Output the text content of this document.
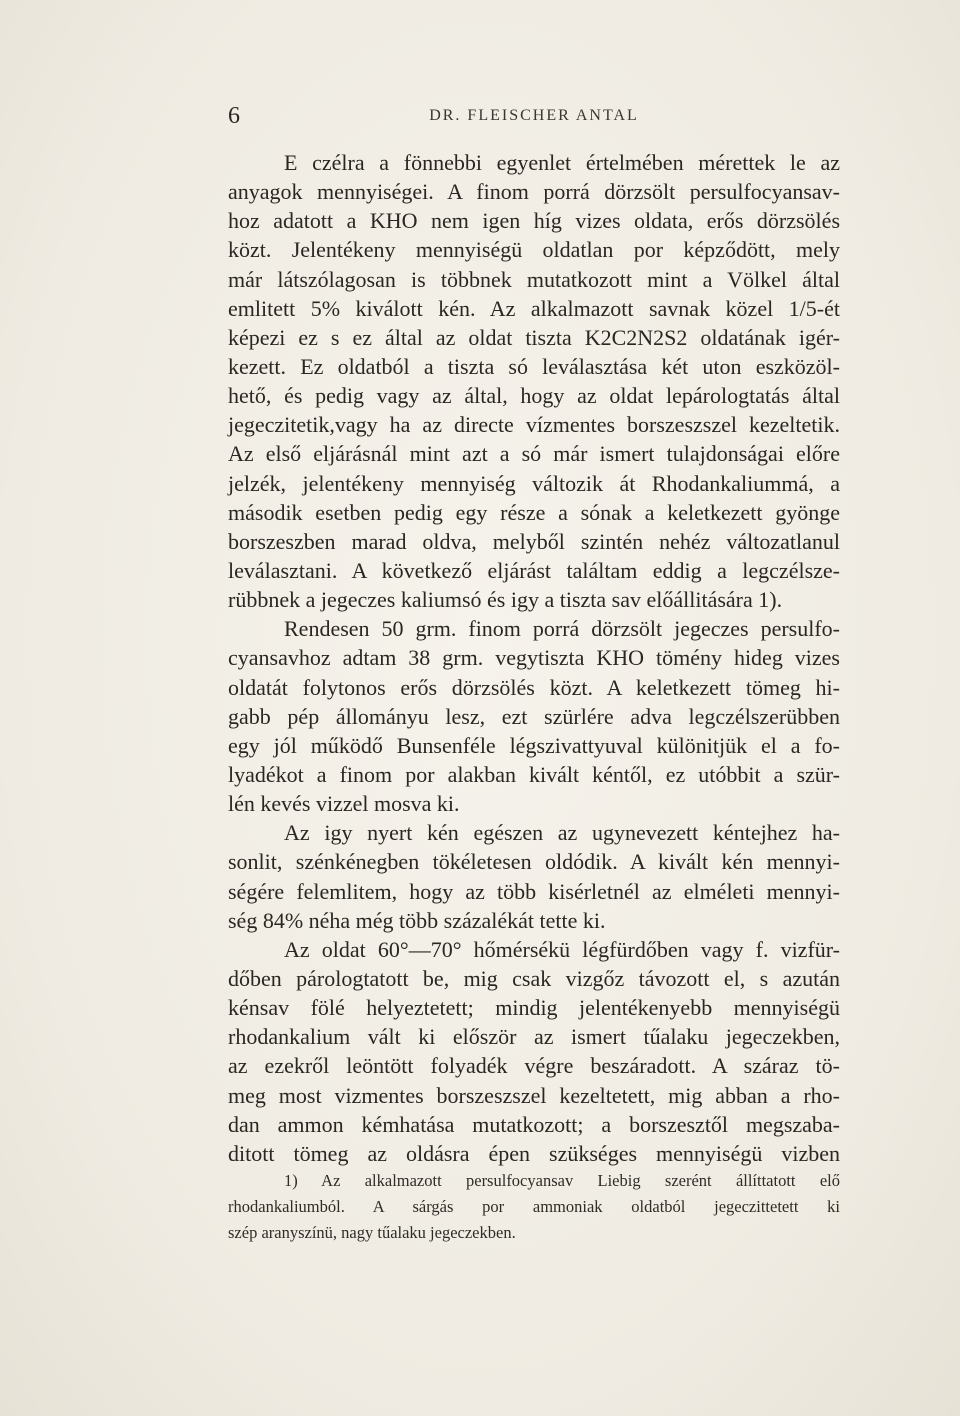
6	DR. FLEISCHER ANTAL
E czélra a fönnebbi egyenlet értelmében mérettek le az
anyagok mennyiségei. A finom porrá dörzsölt persulfocyansav-
hoz adatott a KHO nem igen híg vizes oldata, erős dörzsölés
közt. Jelentékeny mennyiségü oldatlan por képződött, mely
már látszólagosan is többnek mutatkozott mint a Völkel által
emlitett 5% kiválott kén. Az alkalmazott savnak közel 1/5-ét
képezi ez s ez által az oldat tiszta K2C2N2S2 oldatának igér-
kezett. Ez oldatból a tiszta só leválasztása két uton eszközöl-
hető, és pedig vagy az által, hogy az oldat lepárologtatás által
jegeczitetik,vagy ha az directe vízmentes borszeszszel kezeltetik.
Az első eljárásnál mint azt a só már ismert tulajdonságai előre
jelzék, jelentékeny mennyiség változik át Rhodankaliummá, a
második esetben pedig egy része a sónak a keletkezett gyönge
borszeszben marad oldva, melyből szintén nehéz változatlanul
leválasztani. A következő eljárást találtam eddig a legczélsze-
rübbnek a jegeczes kaliumsó és igy a tiszta sav előállitására 1).
Rendesen 50 grm. finom porrá dörzsölt jegeczes persulfo-
cyansavhoz adtam 38 grm. vegytiszta KHO tömény hideg vizes
oldatát folytonos erős dörzsölés közt. A keletkezett tömeg hi-
gabb pép állományu lesz, ezt szürlére adva legczélszerübben
egy jól működő Bunsenféle légszivattyuval különitjük el a fo-
lyadékot a finom por alakban kivált kéntől, ez utóbbit a szür-
lén kevés vizzel mosva ki.
Az igy nyert kén egészen az ugynevezett kéntejhez ha-
sonlit, szénkénegben tökéletesen oldódik. A kivált kén mennyi-
ségére felemlitem, hogy az több kisérletnél az elméleti mennyi-
ség 84% néha még több százalékát tette ki.
Az oldat 60°—70° hőmérsékü légfürdőben vagy f. vizfür-
dőben párologtatott be, mig csak vizgőz távozott el, s azután
kénsav fölé helyeztetett; mindig jelentékenyebb mennyiségü
rhodankalium vált ki először az ismert tűalaku jegeczekben,
az ezekről leöntött folyadék végre beszáradott. A száraz tö-
meg most vizmentes borszeszszel kezeltetett, mig abban a rho-
dan ammon kémhatása mutatkozott; a borszesztől megszaba-
ditott tömeg az oldásra épen szükséges mennyiségü vizben
1) Az alkalmazott persulfocyansav Liebig szerént állíttatott elő
rhodankaliumból. A sárgás por ammoniak oldatból jegeczittetett ki
szép aranyszínü, nagy tűalaku jegeczekben.
